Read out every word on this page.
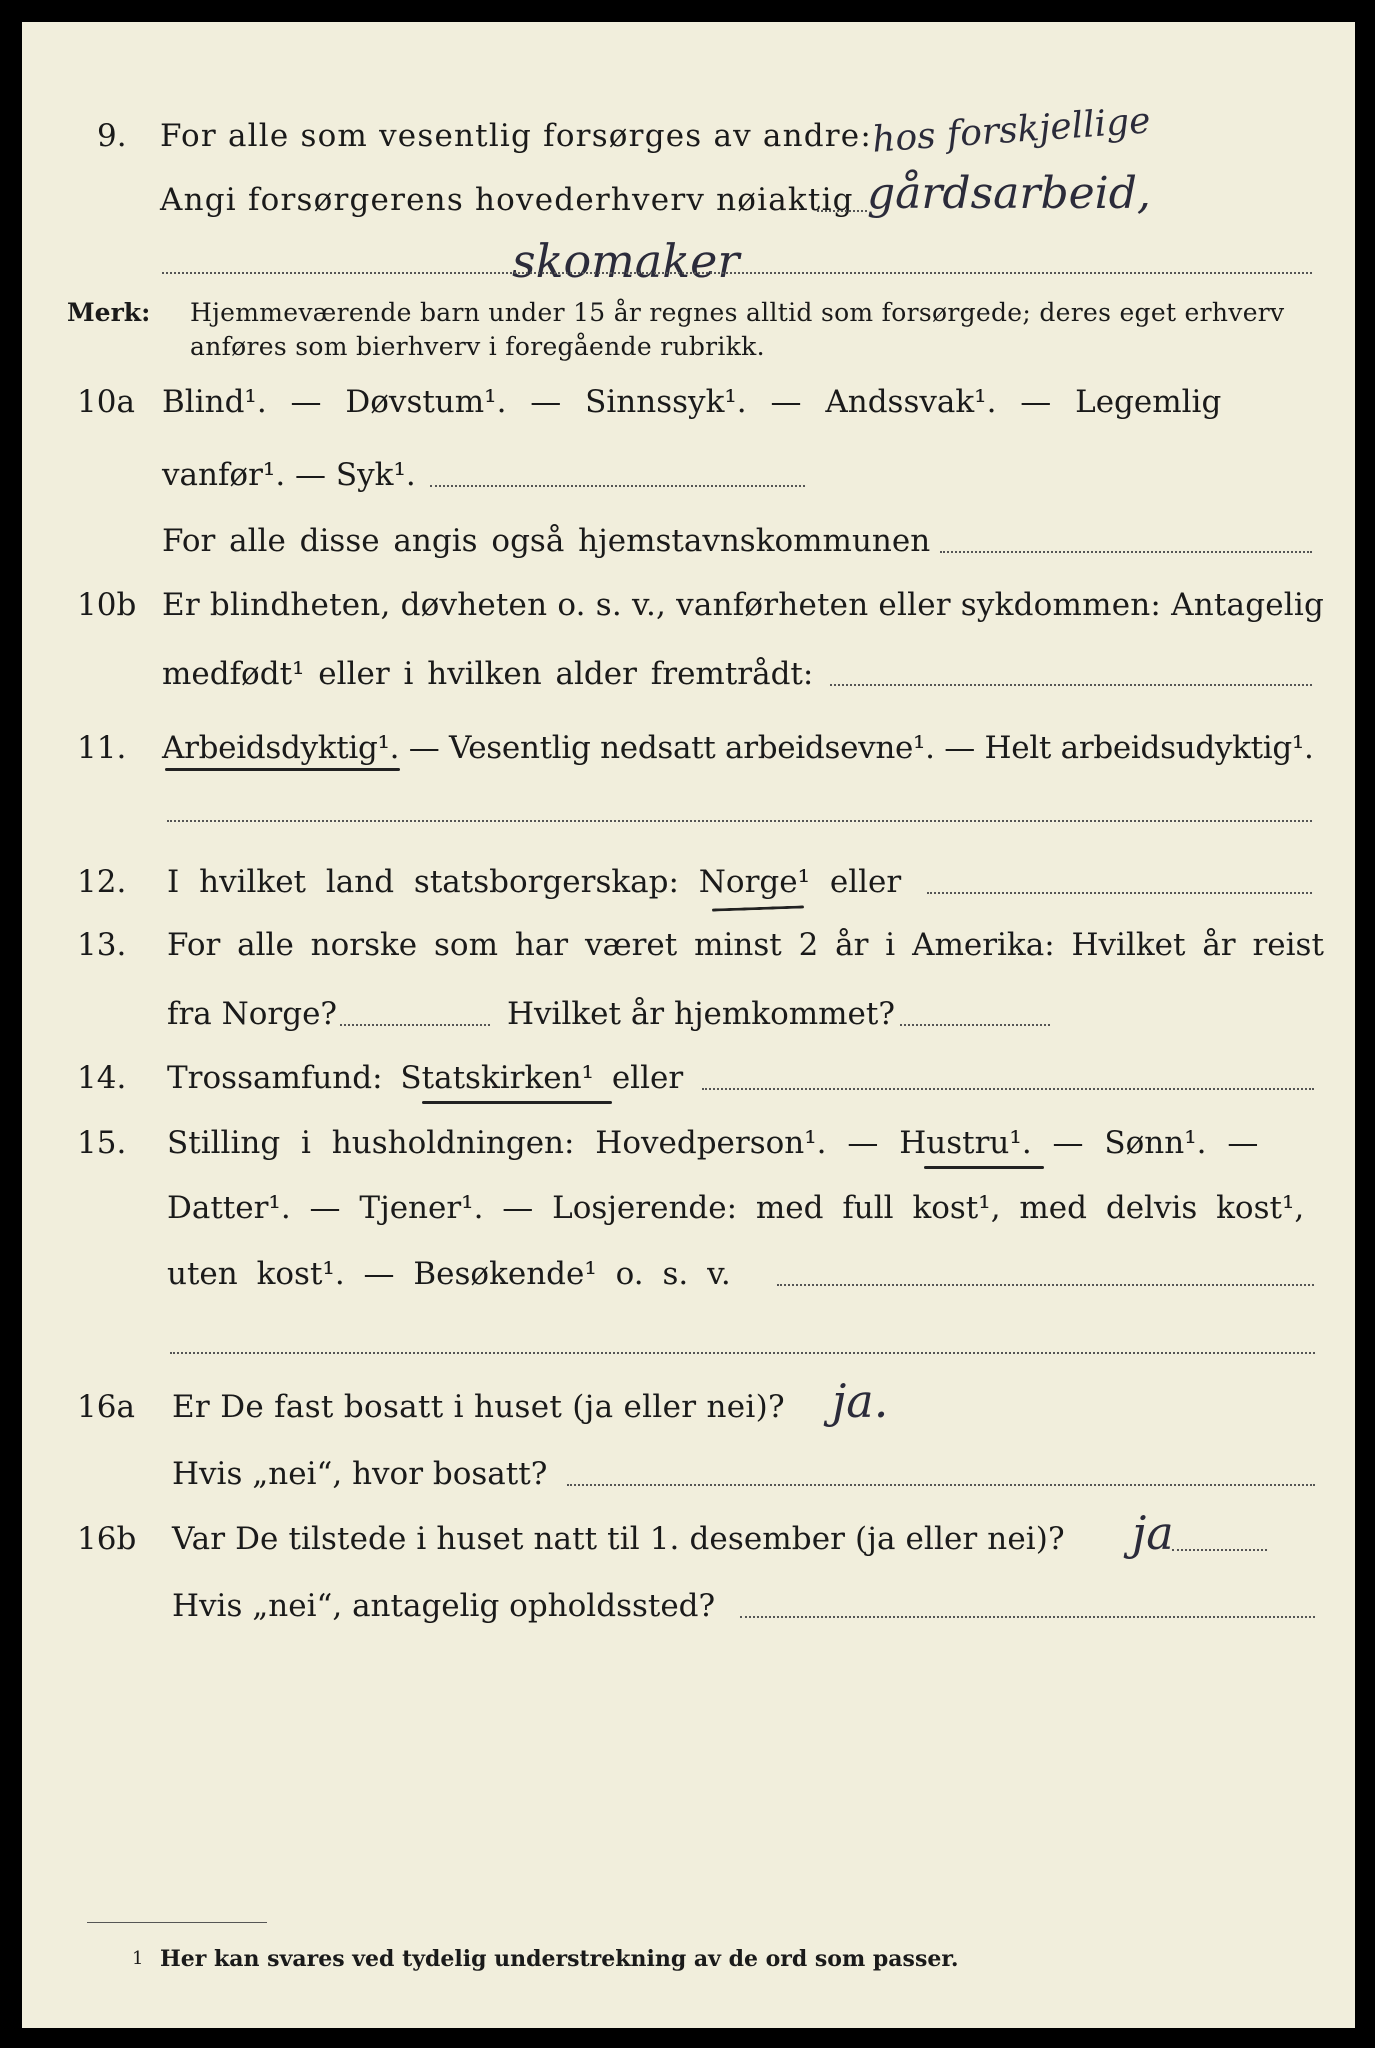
9. For alle som vesentlig forsørges av andre:
hos forskjellige
Angi forsørgerens hovederhverv nøiaktig gårdsarbeid,
skomaker
Merk: Hjemmeværende barn under 15 år regnes alltid som forsørgede; deres eget erhverv
anføres som bierhverv i foregående rubrikk.
10a Blind¹. — Døvstum¹. — Sinnssyk¹. — Andssvak¹. — Legemlig
vanfør¹. — Syk¹.
For alle disse angis også hjemstavnskommunen
10b Er blindheten, døvheten o. s. v., vanførheten eller sykdommen: Antagelig
medfødt¹ eller i hvilken alder fremtrådt:
11. Arbeidsdyktig¹. — Vesentlig nedsatt arbeidsevne¹. — Helt arbeidsudyktig¹.
12. I hvilket land statsborgerskap: Norge¹ eller
13. For alle norske som har været minst 2 år i Amerika: Hvilket år reist
fra Norge?	Hvilket år hjemkommet?
14. Trossamfund: Statskirken¹ eller
15. Stilling i husholdningen: Hovedperson¹. — Hustru¹. — Sønn¹. —
Datter¹. — Tjener¹. — Losjerende: med full kost¹, med delvis kost¹,
uten kost¹. — Besøkende¹ o. s. v.
16a Er De fast bosatt i huset (ja eller nei)? ja.
Hvis „nei“, hvor bosatt?
16b Var De tilstede i huset natt til 1. desember (ja eller nei)? ja
Hvis „nei“, antagelig opholdssted?
1 Her kan svares ved tydelig understrekning av de ord som passer.
